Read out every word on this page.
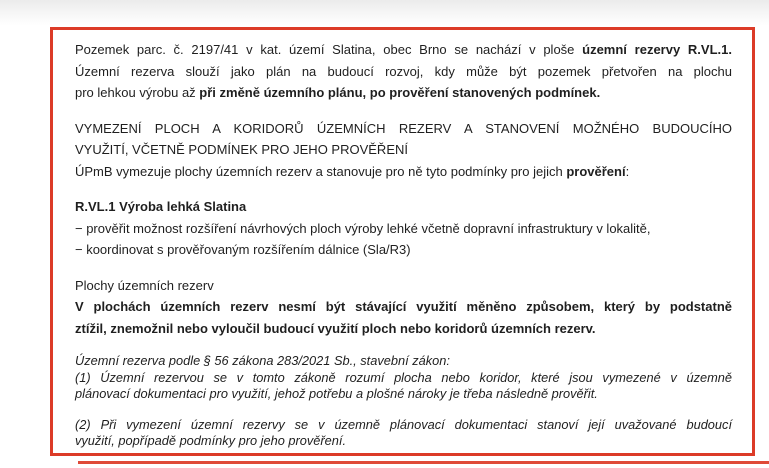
Pozemek parc. č. 2197/41 v kat. území Slatina, obec Brno se nachází v ploše územní rezervy R.VL.1.
Územní rezerva slouží jako plán na budoucí rozvoj, kdy může být pozemek přetvořen na plochu
pro lehkou výrobu až při změně územního plánu, po prověření stanovených podmínek.
VYMEZENÍ PLOCH A KORIDORŮ ÚZEMNÍCH REZERV A STANOVENÍ MOŽNÉHO BUDOUCÍHO
VYUŽITÍ, VČETNĚ PODMÍNEK PRO JEHO PROVĚŘENÍ
ÚPmB vymezuje plochy územních rezerv a stanovuje pro ně tyto podmínky pro jejich prověření:
R.VL.1 Výroba lehká Slatina
− prověřit možnost rozšíření návrhových ploch výroby lehké včetně dopravní infrastruktury v lokalitě,
− koordinovat s prověřovaným rozšířením dálnice (Sla/R3)
Plochy územních rezerv
V plochách územních rezerv nesmí být stávající využití měněno způsobem, který by podstatně
ztížil, znemožnil nebo vyloučil budoucí využití ploch nebo koridorů územních rezerv.
Územní rezerva podle § 56 zákona 283/2021 Sb., stavební zákon:
(1) Územní rezervou se v tomto zákoně rozumí plocha nebo koridor, které jsou vymezené v územně
plánovací dokumentaci pro využití, jehož potřebu a plošné nároky je třeba následně prověřit.
(2) Při vymezení územní rezervy se v územně plánovací dokumentaci stanoví její uvažované budoucí
využití, popřípadě podmínky pro jeho prověření.
